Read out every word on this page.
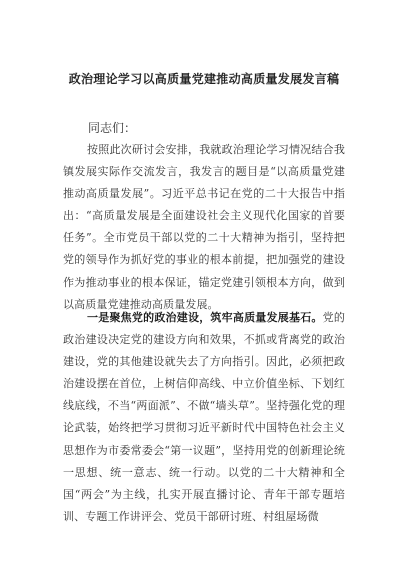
政治理论学习以高质量党建推动高质量发展发言稿
同志们：
按照此次研讨会安排，我就政治理论学习情况结合我镇发展实际作交流发言，我发言的题目是“以高质量党建推动高质量发展”。习近平总书记在党的二十大报告中指出：“高质量发展是全面建设社会主义现代化国家的首要任务”。全市党员干部以党的二十大精神为指引，坚持把党的领导作为抓好党的事业的根本前提，把加强党的建设作为推动事业的根本保证，锚定党建引领根本方向，做到以高质量党建推动高质量发展。
一是聚焦党的政治建设，筑牢高质量发展基石。党的政治建设决定党的建设方向和效果，不抓或背离党的政治建设，党的其他建设就失去了方向指引。因此，必须把政治建设摆在首位，上树信仰高线、中立价值坐标、下划红线底线，不当“两面派”、不做“墙头草”。坚持强化党的理论武装，始终把学习贯彻习近平新时代中国特色社会主义思想作为市委常委会“第一议题”，坚持用党的创新理论统一思想、统一意志、统一行动。以党的二十大精神和全国“两会”为主线，扎实开展直播讨论、青年干部专题培训、专题工作讲评会、党员干部研讨班、村组屋场微
